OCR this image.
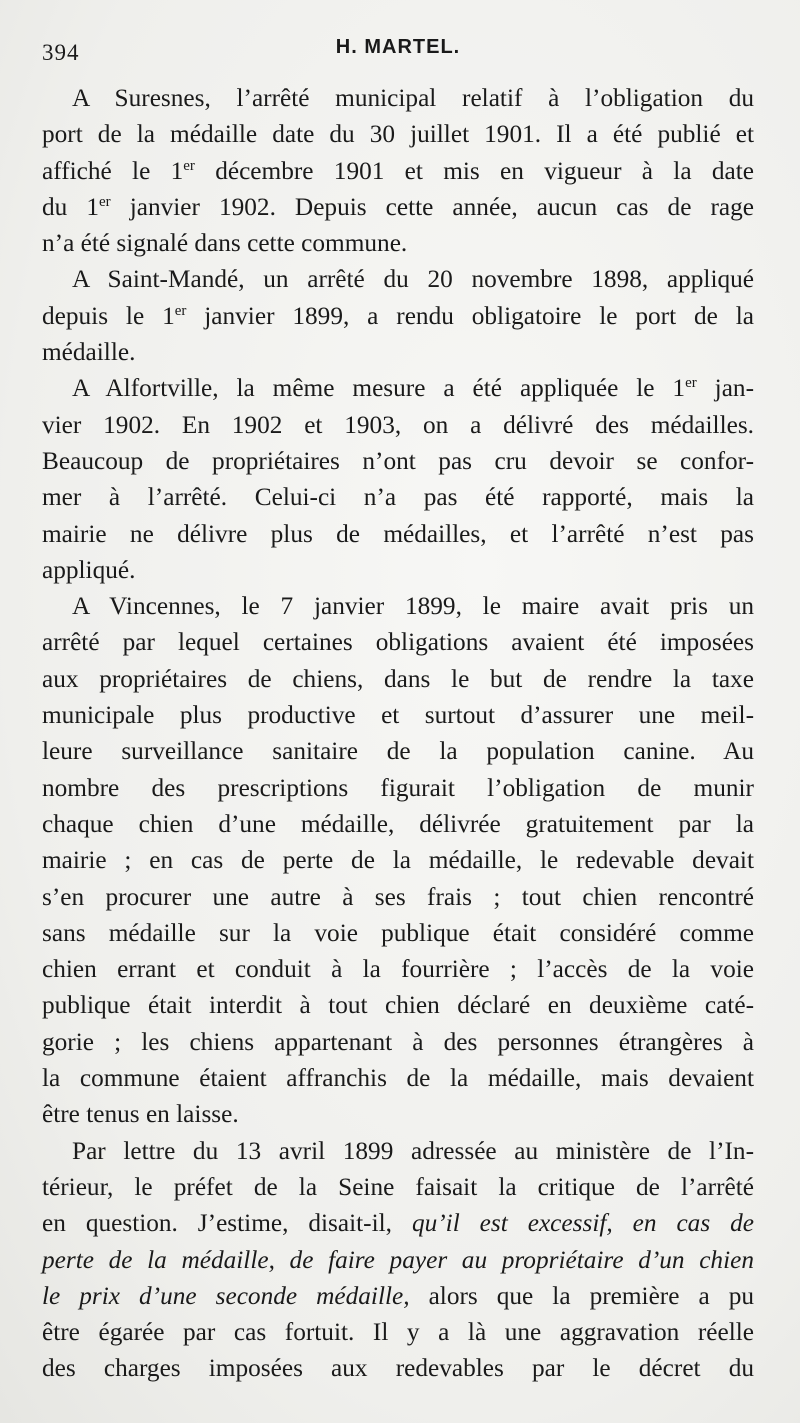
394	H. MARTEL.

A Suresnes, l’arrêté municipal relatif à l’obligation du
port de la médaille date du 30 juillet 1901. Il a été publié et
affiché le 1er décembre 1901 et mis en vigueur à la date
du 1er janvier 1902. Depuis cette année, aucun cas de rage
n’a été signalé dans cette commune.

A Saint-Mandé, un arrêté du 20 novembre 1898, appliqué
depuis le 1er janvier 1899, a rendu obligatoire le port de la
médaille.

A Alfortville, la même mesure a été appliquée le 1er jan-
vier 1902. En 1902 et 1903, on a délivré des médailles.
Beaucoup de propriétaires n’ont pas cru devoir se confor-
mer à l’arrêté. Celui-ci n’a pas été rapporté, mais la
mairie ne délivre plus de médailles, et l’arrêté n’est pas
appliqué.

A Vincennes, le 7 janvier 1899, le maire avait pris un
arrêté par lequel certaines obligations avaient été imposées
aux propriétaires de chiens, dans le but de rendre la taxe
municipale plus productive et surtout d’assurer une meil-
leure surveillance sanitaire de la population canine. Au
nombre des prescriptions figurait l’obligation de munir
chaque chien d’une médaille, délivrée gratuitement par la
mairie ; en cas de perte de la médaille, le redevable devait
s’en procurer une autre à ses frais ; tout chien rencontré
sans médaille sur la voie publique était considéré comme
chien errant et conduit à la fourrière ; l’accès de la voie
publique était interdit à tout chien déclaré en deuxième caté-
gorie ; les chiens appartenant à des personnes étrangères à
la commune étaient affranchis de la médaille, mais devaient
être tenus en laisse.

Par lettre du 13 avril 1899 adressée au ministère de l’In-
térieur, le préfet de la Seine faisait la critique de l’arrêté
en question. J’estime, disait-il, qu’il est excessif, en cas de
perte de la médaille, de faire payer au propriétaire d’un chien
le prix d’une seconde médaille, alors que la première a pu
être égarée par cas fortuit. Il y a là une aggravation réelle
des charges imposées aux redevables par le décret du
